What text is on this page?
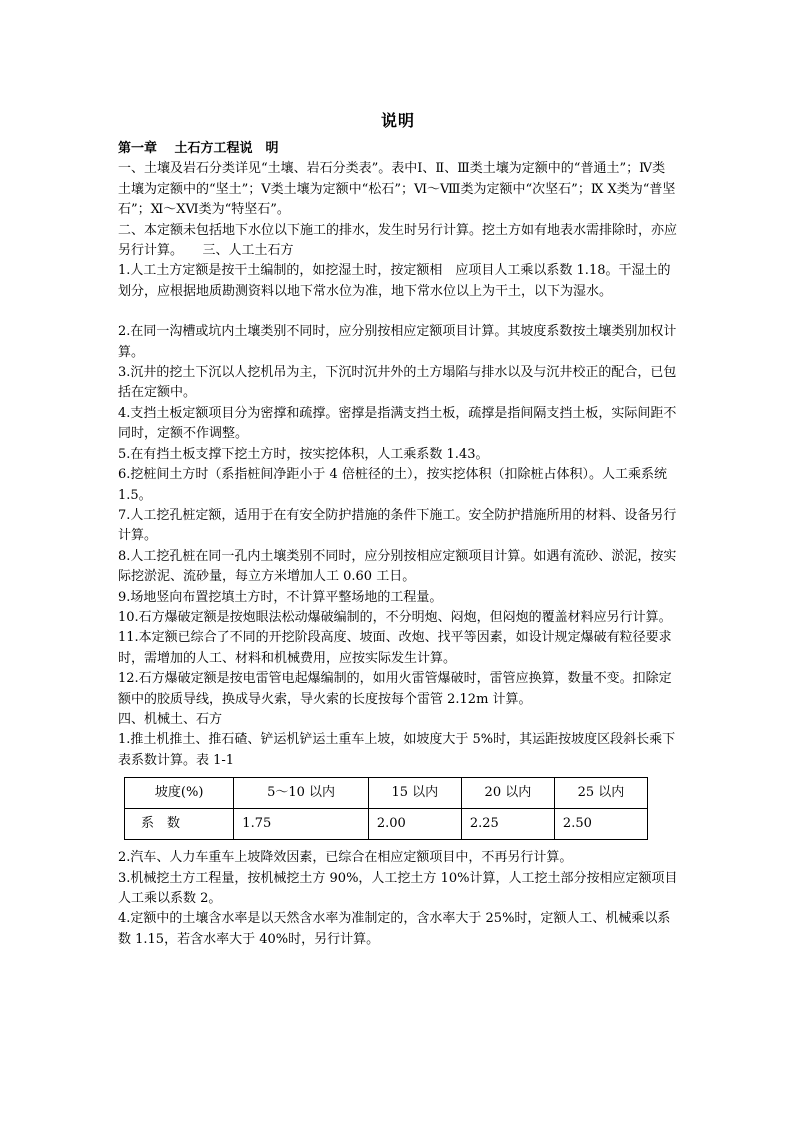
说明

第一章　 土石方工程说　明

一、土壤及岩石分类详见“土壤、岩石分类表”。表中Ⅰ、Ⅱ、Ⅲ类土壤为定额中的“普通土”；Ⅳ类土壤为定额中的“坚土”；Ⅴ类土壤为定额中“松石”；Ⅵ～Ⅷ类为定额中“次坚石”；Ⅸ Ⅹ类为“普坚石”；Ⅺ～ⅩⅥ类为“特坚石”。

二、本定额未包括地下水位以下施工的排水，发生时另行计算。挖土方如有地表水需排除时，亦应另行计算。　　三、人工土石方

1.人工土方定额是按干土编制的，如挖湿土时，按定额相　应项目人工乘以系数 1.18。干湿土的划分，应根据地质勘测资料以地下常水位为准，地下常水位以上为干土，以下为湿水。

2.在同一沟槽或坑内土壤类别不同时，应分别按相应定额项目计算。其坡度系数按土壤类别加权计算。

3.沉井的挖土下沉以人挖机吊为主，下沉时沉井外的土方塌陷与排水以及与沉井校正的配合，已包括在定额中。

4.支挡土板定额项目分为密撑和疏撑。密撑是指满支挡土板，疏撑是指间隔支挡土板，实际间距不同时，定额不作调整。

5.在有挡土板支撑下挖土方时，按实挖体积，人工乘系数 1.43。

6.挖桩间土方时（系指桩间净距小于 4 倍桩径的土），按实挖体积（扣除桩占体积）。人工乘系统 1.5。

7.人工挖孔桩定额，适用于在有安全防护措施的条件下施工。安全防护措施所用的材料、设备另行计算。

8.人工挖孔桩在同一孔内土壤类别不同时，应分别按相应定额项目计算。如遇有流砂、淤泥，按实际挖淤泥、流砂量，每立方米增加人工 0.60 工日。

9.场地竖向布置挖填土方时，不计算平整场地的工程量。

10.石方爆破定额是按炮眼法松动爆破编制的，不分明炮、闷炮，但闷炮的覆盖材料应另行计算。

11.本定额已综合了不同的开挖阶段高度、坡面、改炮、找平等因素，如设计规定爆破有粒径要求时，需增加的人工、材料和机械费用，应按实际发生计算。

12.石方爆破定额是按电雷管电起爆编制的，如用火雷管爆破时，雷管应换算，数量不变。扣除定额中的胶质导线，换成导火索，导火索的长度按每个雷管 2.12m 计算。

四、机械土、石方

1.推土机推土、推石碴、铲运机铲运土重车上坡，如坡度大于 5%时，其运距按坡度区段斜长乘下表系数计算。表 1-1

坡度(%)	5～10 以内	15 以内	20 以内	25 以内
系　数	1.75	2.00	2.25	2.50

2.汽车、人力车重车上坡降效因素，已综合在相应定额项目中，不再另行计算。

3.机械挖土方工程量，按机械挖土方 90%，人工挖土方 10%计算，人工挖土部分按相应定额项目人工乘以系数 2。

4.定额中的土壤含水率是以天然含水率为准制定的，含水率大于 25%时，定额人工、机械乘以系数 1.15，若含水率大于 40%时，另行计算。
